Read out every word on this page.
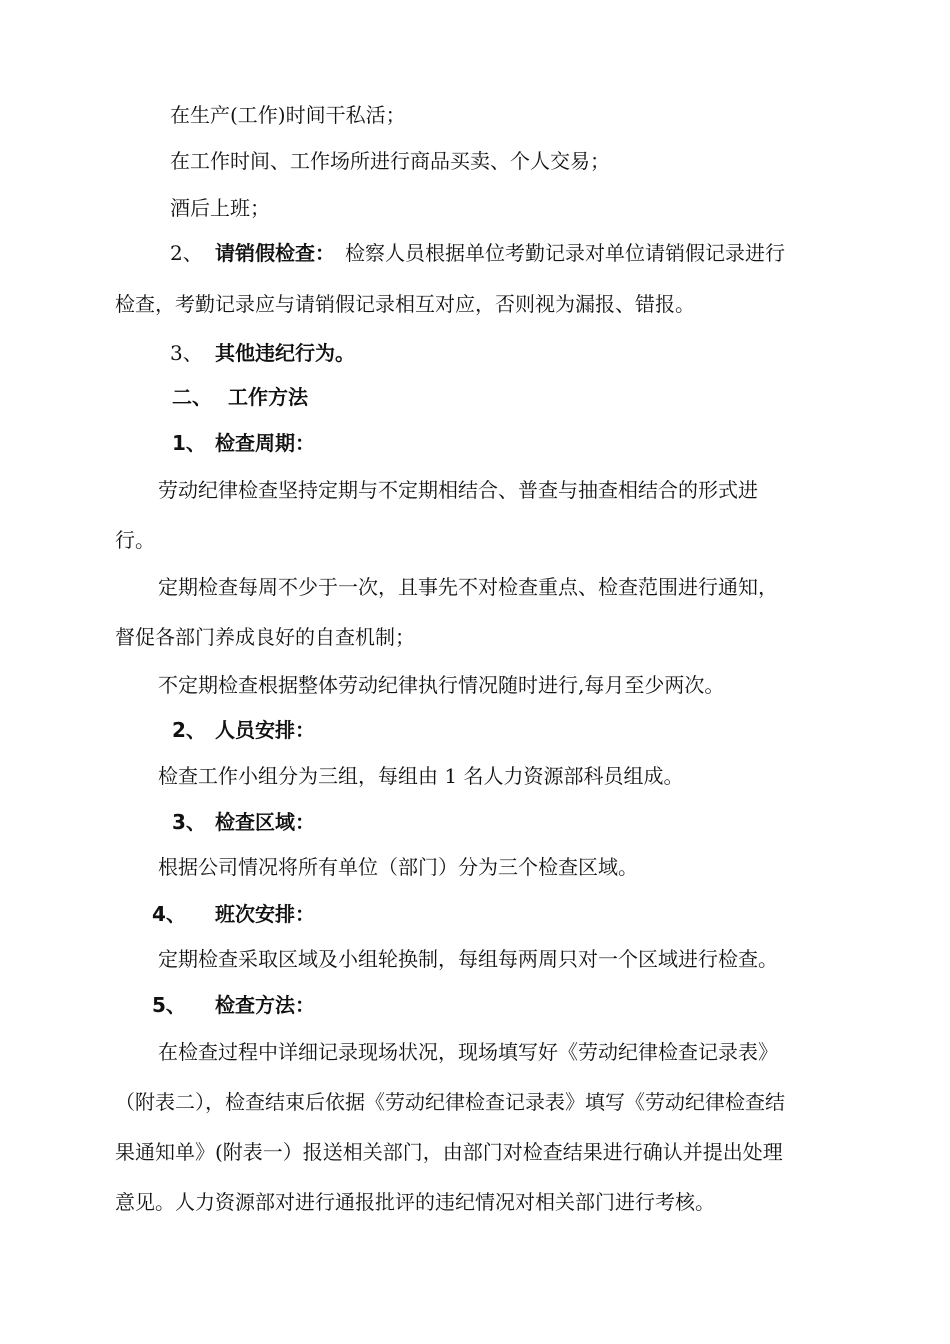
在生产(工作)时间干私活；
在工作时间、工作场所进行商品买卖、个人交易；
酒后上班；
2、 请销假检查： 检察人员根据单位考勤记录对单位请销假记录进行
检查，考勤记录应与请销假记录相互对应，否则视为漏报、错报。
3、 其他违纪行为。
二、 工作方法
1、 检查周期：
劳动纪律检查坚持定期与不定期相结合、普查与抽查相结合的形式进
行。
定期检查每周不少于一次，且事先不对检查重点、检查范围进行通知，
督促各部门养成良好的自查机制；
不定期检查根据整体劳动纪律执行情况随时进行,每月至少两次。
2、 人员安排：
检查工作小组分为三组，每组由 1 名人力资源部科员组成。
3、 检查区域：
根据公司情况将所有单位（部门）分为三个检查区域。
4、 班次安排：
定期检查采取区域及小组轮换制，每组每两周只对一个区域进行检查。
5、 检查方法：
在检查过程中详细记录现场状况，现场填写好《劳动纪律检查记录表》
（附表二），检查结束后依据《劳动纪律检查记录表》填写《劳动纪律检查结
果通知单》(附表一）报送相关部门，由部门对检查结果进行确认并提出处理
意见。人力资源部对进行通报批评的违纪情况对相关部门进行考核。
